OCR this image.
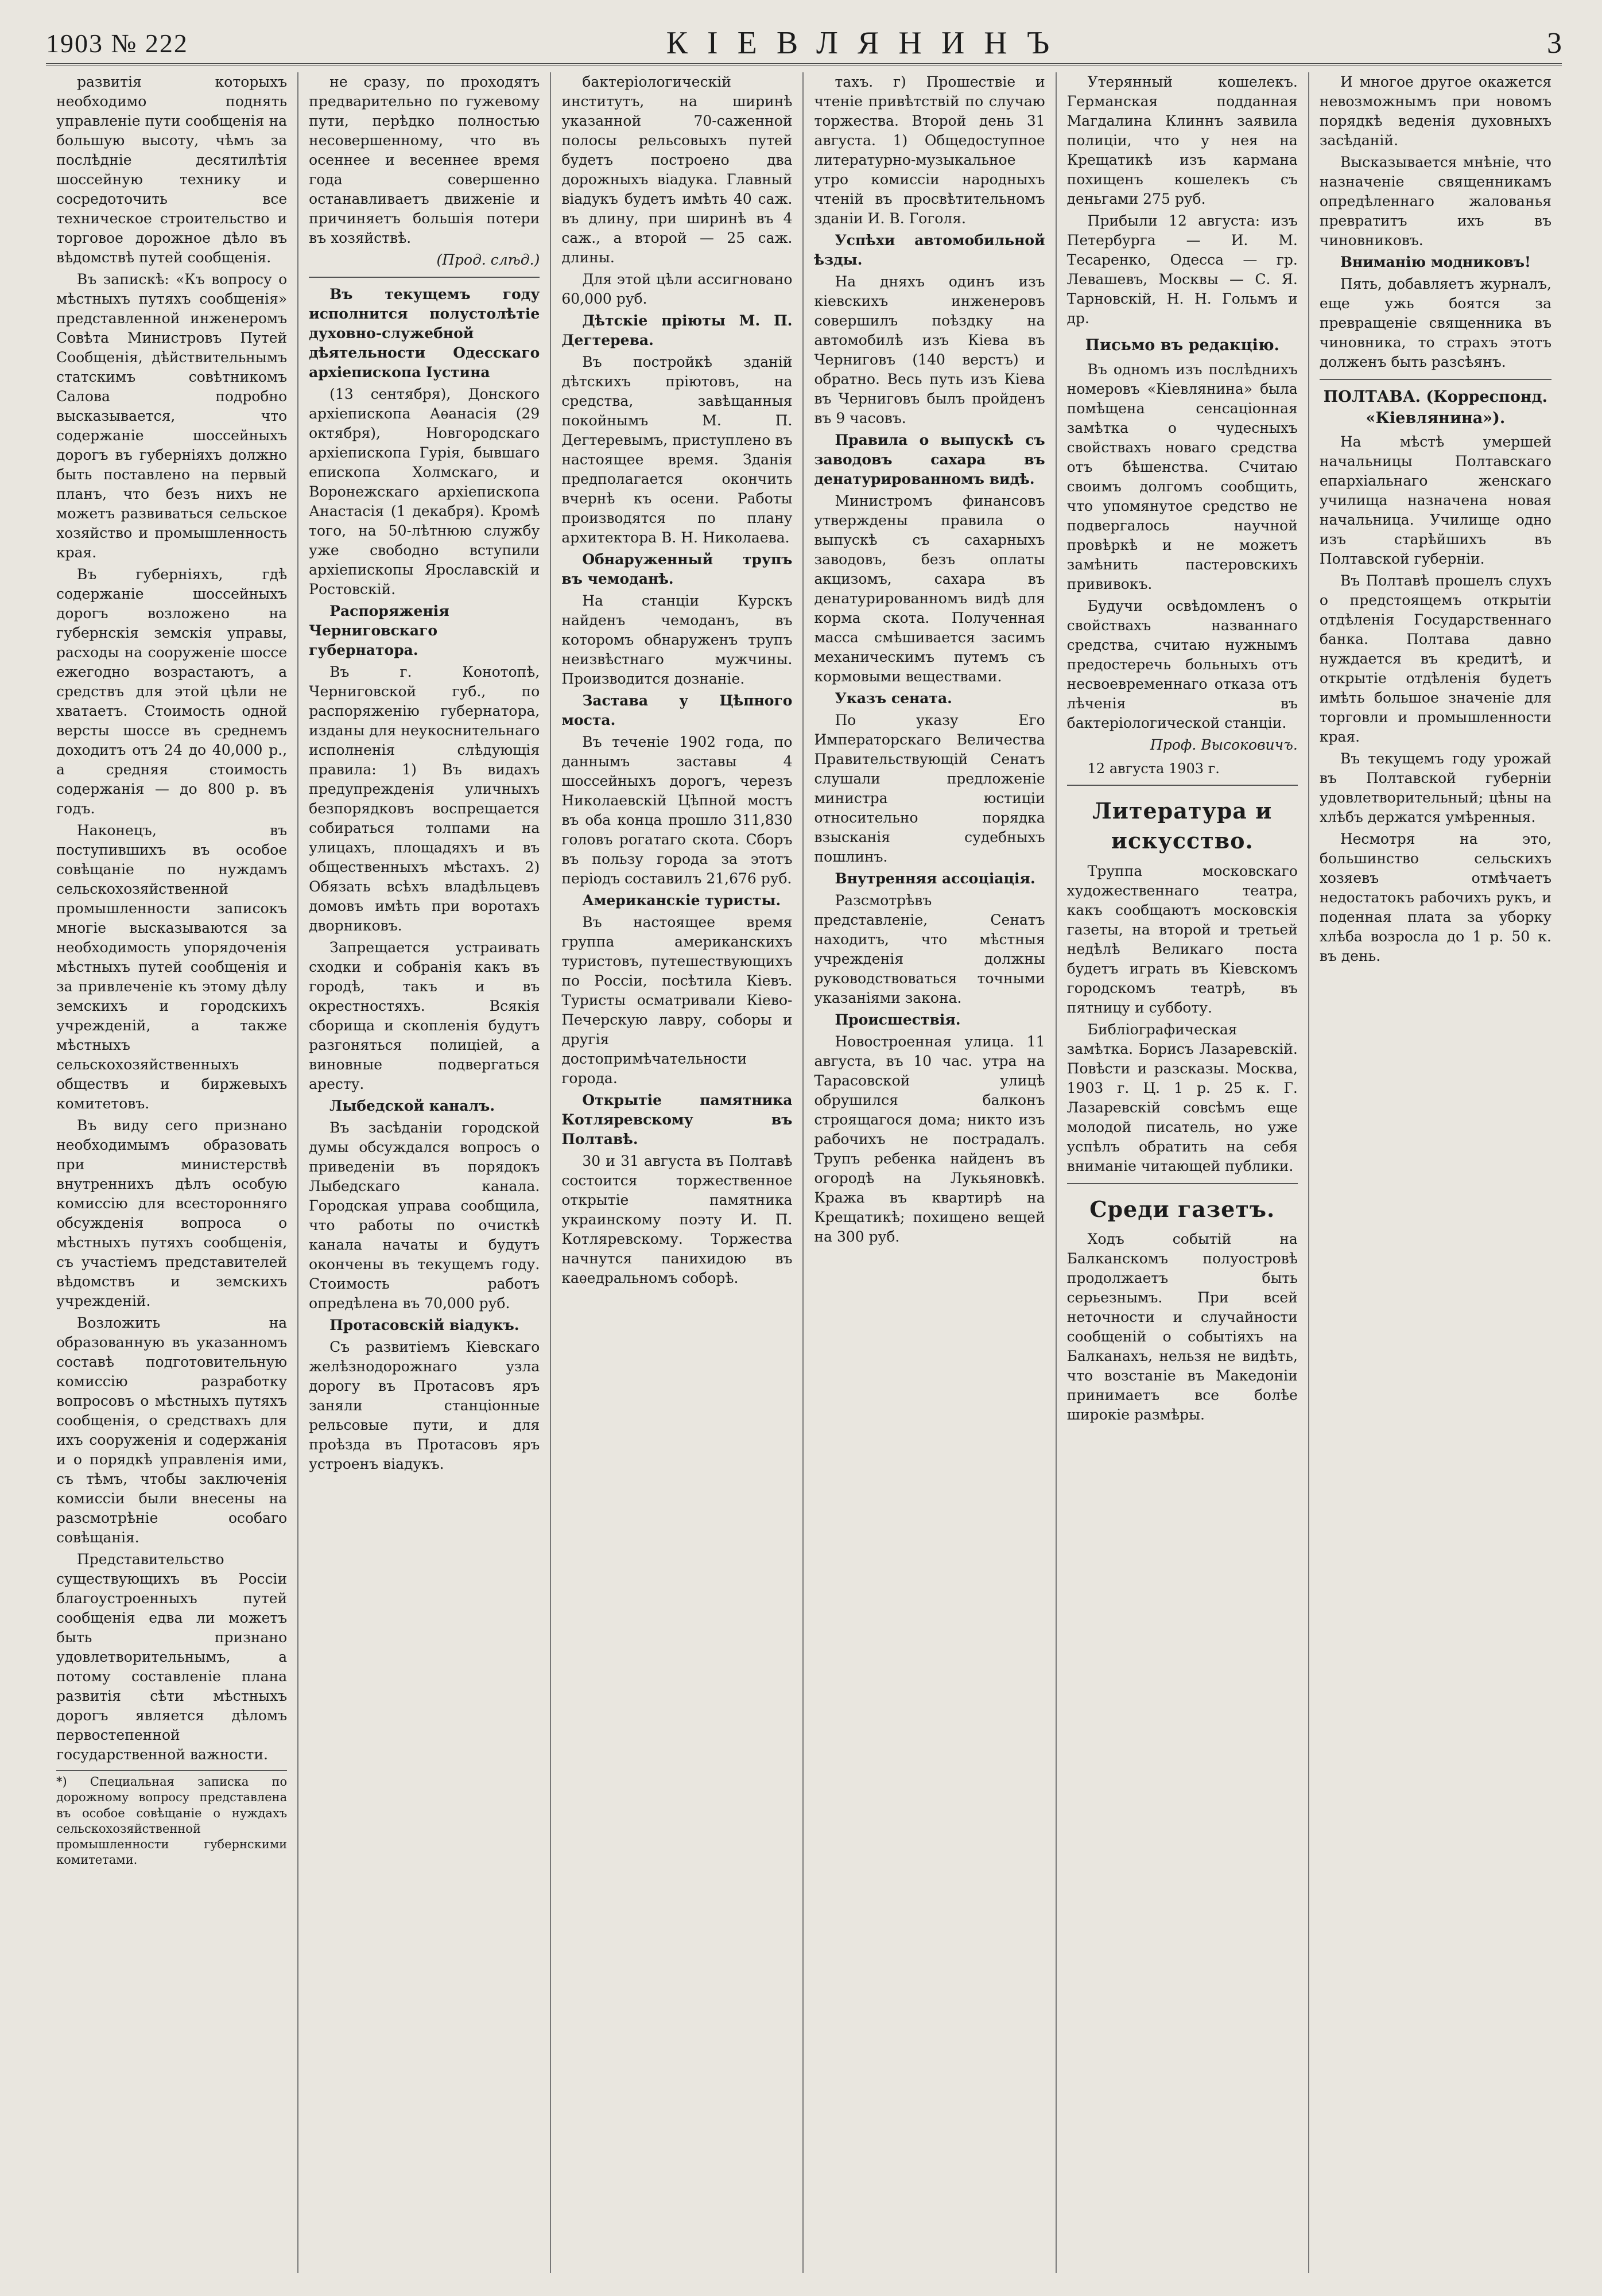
1903 № 222	КІЕВЛЯНИНЪ	3

развитія которыхъ необходимо поднять управленіе пути сообщенія на большую высоту, чѣмъ за послѣдніе десятилѣтія шоссейную технику и сосредоточить все техническое строительство и торговое дорожное дѣло въ вѣдомствѣ путей сообщенія.

Въ запискѣ: «Къ вопросу о мѣстныхъ путяхъ сообщенія» представленной инженеромъ Совѣта Министровъ Путей Сообщенія, дѣйствительнымъ статскимъ совѣтникомъ Салова подробно высказывается, что содержаніе шоссейныхъ дорогъ въ губерніяхъ должно быть поставлено на первый планъ, что безъ нихъ не можетъ развиваться сельское хозяйство и промышленность края.

Въ губерніяхъ, гдѣ содержаніе шоссейныхъ дорогъ возложено на губернскія земскія управы, расходы на сооруженіе шоссе ежегодно возрастаютъ, а средствъ для этой цѣли не хватаетъ. Стоимость одной версты шоссе въ среднемъ доходитъ отъ 24 до 40,000 р., а средняя стоимость содержанія — до 800 р. въ годъ.

Наконецъ, въ поступившихъ въ особое совѣщаніе по нуждамъ сельскохозяйственной промышленности записокъ многіе высказываются за необходимость упорядоченія мѣстныхъ путей сообщенія и за привлеченіе къ этому дѣлу земскихъ и городскихъ учрежденій, а также мѣстныхъ сельскохозяйственныхъ обществъ и биржевыхъ комитетовъ.

Въ виду сего признано необходимымъ образовать при министерствѣ внутреннихъ дѣлъ особую комиссію для всесторонняго обсужденія вопроса о мѣстныхъ путяхъ сообщенія, съ участіемъ представителей вѣдомствъ и земскихъ учрежденій.

Возложить на образованную въ указанномъ составѣ подготовительную комиссію разработку вопросовъ о мѣстныхъ путяхъ сообщенія, о средствахъ для ихъ сооруженія и содержанія и о порядкѣ управленія ими, съ тѣмъ, чтобы заключенія комиссіи были внесены на разсмотрѣніе особаго совѣщанія.

Представительство существующихъ въ Россіи благоустроенныхъ путей сообщенія едва ли можетъ быть признано удовлетворительнымъ, а потому составленіе плана развитія сѣти мѣстныхъ дорогъ является дѣломъ первостепенной государственной важности.

*) Специальная записка по дорожному вопросу представлена въ особое совѣщаніе о нуждахъ сельскохозяйственной промышленности губернскими комитетами.

не сразу, по проходятъ предварительно по гужевому пути, перѣдко полностью несовершенному, что въ осеннее и весеннее время года совершенно останавливаетъ движеніе и причиняетъ большія потери въ хозяйствѣ.

(Прод. слѣд.)

Въ текущемъ году исполнится полустолѣтіе духовно-служебной дѣятельности Одесскаго архіепископа Іустина

(13 сентября), Донского архіепископа Аѳанасія (29 октября), Новгородскаго архіепископа Гурія, бывшаго епископа Холмскаго, и Воронежскаго архіепископа Анастасія (1 декабря). Кромѣ того, на 50-лѣтнюю службу уже свободно вступили архіепископы Ярославскій и Ростовскій.

Распоряженія Черниговскаго губернатора.

Въ г. Конотопѣ, Черниговской губ., по распоряженію губернатора, изданы для неукоснительнаго исполненія слѣдующія правила: 1) Въ видахъ предупрежденія уличныхъ безпорядковъ воспрещается собираться толпами на улицахъ, площадяхъ и въ общественныхъ мѣстахъ. 2) Обязать всѣхъ владѣльцевъ домовъ имѣть при воротахъ дворниковъ.

Запрещается устраивать сходки и собранія какъ въ городѣ, такъ и въ окрестностяхъ. Всякія сборища и скопленія будутъ разгоняться полиціей, а виновные подвергаться аресту.

Лыбедской каналъ.

Въ засѣданіи городской думы обсуждался вопросъ о приведеніи въ порядокъ Лыбедскаго канала. Городская управа сообщила, что работы по очисткѣ канала начаты и будутъ окончены въ текущемъ году. Стоимость работъ опредѣлена въ 70,000 руб.

Протасовскій віадукъ.

Съ развитіемъ Кіевскаго желѣзнодорожнаго узла дорогу въ Протасовъ яръ заняли станціонные рельсовые пути, и для проѣзда въ Протасовъ яръ устроенъ віадукъ.

бактеріологическій институтъ, на ширинѣ указанной 70-саженной полосы рельсовыхъ путей будетъ построено два дорожныхъ віадука. Главный віадукъ будетъ имѣть 40 саж. въ длину, при ширинѣ въ 4 саж., а второй — 25 саж. длины.

Для этой цѣли ассигновано 60,000 руб.

Дѣтскіе пріюты М. П. Дегтерева.

Въ постройкѣ зданій дѣтскихъ пріютовъ, на средства, завѣщанныя покойнымъ М. П. Дегтеревымъ, приступлено въ настоящее время. Зданія предполагается окончить вчернѣ къ осени. Работы производятся по плану архитектора В. Н. Николаева.

Обнаруженный трупъ въ чемоданѣ.

На станціи Курскъ найденъ чемоданъ, въ которомъ обнаруженъ трупъ неизвѣстнаго мужчины. Производится дознаніе.

Застава у Цѣпного моста.

Въ теченіе 1902 года, по даннымъ заставы 4 шоссейныхъ дорогъ, черезъ Николаевскій Цѣпной мостъ въ оба конца прошло 311,830 головъ рогатаго скота. Сборъ въ пользу города за этотъ періодъ составилъ 21,676 руб.

Американскіе туристы.

Въ настоящее время группа американскихъ туристовъ, путешествующихъ по Россіи, посѣтила Кіевъ. Туристы осматривали Кіево-Печерскую лавру, соборы и другія достопримѣчательности города.

Открытіе памятника Котляревскому въ Полтавѣ.

30 и 31 августа въ Полтавѣ состоится торжественное открытіе памятника украинскому поэту И. П. Котляревскому. Торжества начнутся панихидою въ каѳедральномъ соборѣ.

тахъ. г) Прошествіе и чтеніе привѣтствій по случаю торжества. Второй день 31 августа. 1) Общедоступное литературно-музыкальное утро комиссіи народныхъ чтеній въ просвѣтительномъ зданіи И. В. Гоголя.

Успѣхи автомобильной ѣзды.

На дняхъ одинъ изъ кіевскихъ инженеровъ совершилъ поѣздку на автомобилѣ изъ Кіева въ Черниговъ (140 верстъ) и обратно. Весь путь изъ Кіева въ Черниговъ былъ пройденъ въ 9 часовъ.

Правила о выпускѣ съ заводовъ сахара въ денатурированномъ видѣ.

Министромъ финансовъ утверждены правила о выпускѣ съ сахарныхъ заводовъ, безъ оплаты акцизомъ, сахара въ денатурированномъ видѣ для корма скота. Полученная масса смѣшивается засимъ механическимъ путемъ съ кормовыми веществами.

Указъ сената.

По указу Его Императорскаго Величества Правительствующій Сенатъ слушали предложеніе министра юстиціи относительно порядка взысканія судебныхъ пошлинъ.

Внутренняя ассоціація.

Разсмотрѣвъ представленіе, Сенатъ находитъ, что мѣстныя учрежденія должны руководствоваться точными указаніями закона.

Происшествія.

Новостроенная улица. 11 августа, въ 10 час. утра на Тарасовской улицѣ обрушился балконъ строящагося дома; никто изъ рабочихъ не пострадалъ. Трупъ ребенка найденъ въ огородѣ на Лукьяновкѣ. Кража въ квартирѣ на Крещатикѣ; похищено вещей на 300 руб.

Утерянный кошелекъ. Германская подданная Магдалина Клиннъ заявила полиціи, что у нея на Крещатикѣ изъ кармана похищенъ кошелекъ съ деньгами 275 руб.

Прибыли 12 августа: изъ Петербурга — И. М. Тесаренко, Одесса — гр. Левашевъ, Москвы — С. Я. Тарновскій, Н. Н. Гольмъ и др.

Письмо въ редакцію.

Въ одномъ изъ послѣднихъ номеровъ «Кіевлянина» была помѣщена сенсаціонная замѣтка о чудесныхъ свойствахъ новаго средства отъ бѣшенства. Считаю своимъ долгомъ сообщить, что упомянутое средство не подвергалось научной провѣркѣ и не можетъ замѣнить пастеровскихъ прививокъ.

Будучи освѣдомленъ о свойствахъ названнаго средства, считаю нужнымъ предостеречь больныхъ отъ несвоевременнаго отказа отъ лѣченія въ бактеріологической станціи.

Проф. Высоковичъ.
12 августа 1903 г.
Литература и искусство.

Труппа московскаго художественнаго театра, какъ сообщаютъ московскія газеты, на второй и третьей недѣлѣ Великаго поста будетъ играть въ Кіевскомъ городскомъ театрѣ, въ пятницу и субботу.

Библіографическая замѣтка. Борисъ Лазаревскій. Повѣсти и разсказы. Москва, 1903 г. Ц. 1 р. 25 к. Г. Лазаревскій совсѣмъ еще молодой писатель, но уже успѣлъ обратить на себя вниманіе читающей публики.

Среди газетъ.

Ходъ событій на Балканскомъ полуостровѣ продолжаетъ быть серьезнымъ. При всей неточности и случайности сообщеній о событіяхъ на Балканахъ, нельзя не видѣть, что возстаніе въ Македоніи принимаетъ все болѣе широкіе размѣры.

И многое другое окажется невозможнымъ при новомъ порядкѣ веденія духовныхъ засѣданій.

Высказывается мнѣніе, что назначеніе священникамъ опредѣленнаго жалованья превратитъ ихъ въ чиновниковъ.

Вниманію модниковъ!

Пять, добавляетъ журналъ, еще ужь боятся за превращеніе священника въ чиновника, то страхъ этотъ долженъ быть разсѣянъ.

ПОЛТАВА. (Корреспонд. «Кіевлянина»).

На мѣстѣ умершей начальницы Полтавскаго епархіальнаго женскаго училища назначена новая начальница. Училище одно изъ старѣйшихъ въ Полтавской губерніи.

Въ Полтавѣ прошелъ слухъ о предстоящемъ открытіи отдѣленія Государственнаго банка. Полтава давно нуждается въ кредитѣ, и открытіе отдѣленія будетъ имѣть большое значеніе для торговли и промышленности края.

Въ текущемъ году урожай въ Полтавской губерніи удовлетворительный; цѣны на хлѣбъ держатся умѣренныя.

Несмотря на это, большинство сельскихъ хозяевъ отмѣчаетъ недостатокъ рабочихъ рукъ, и поденная плата за уборку хлѣба возросла до 1 р. 50 к. въ день.
